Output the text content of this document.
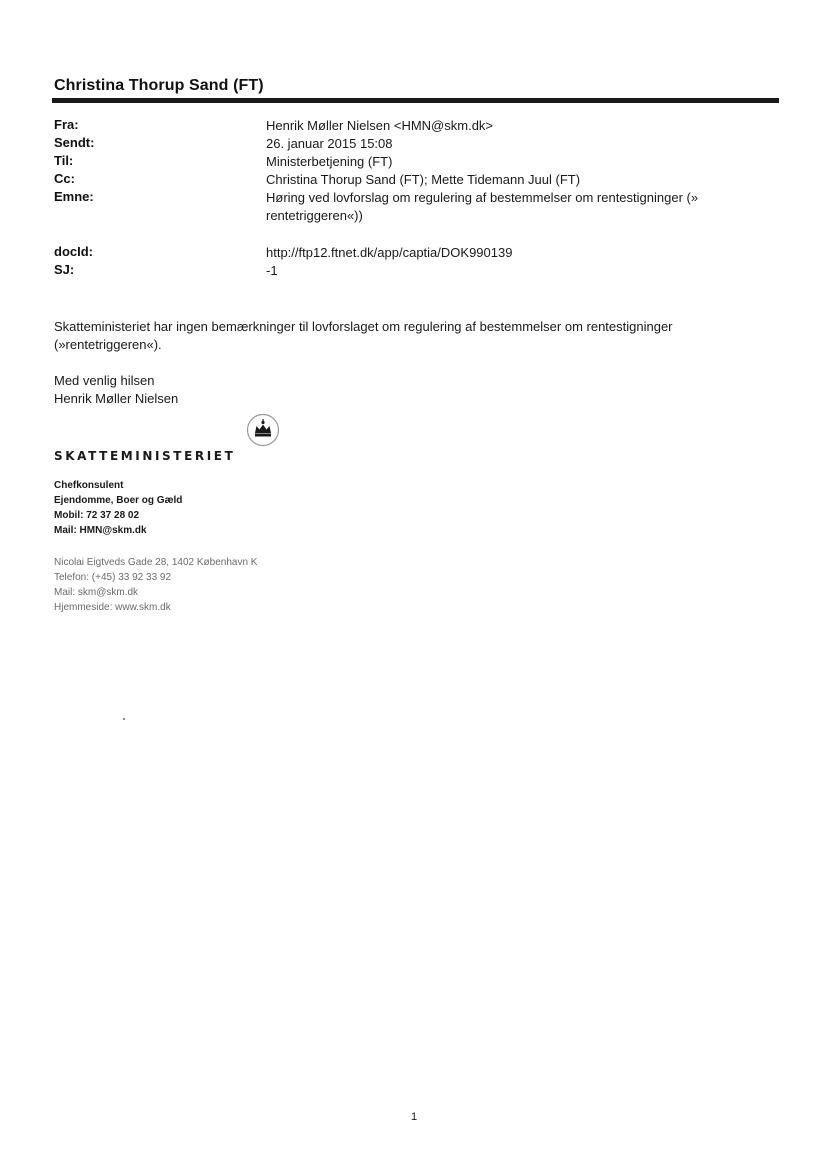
Christina Thorup Sand (FT)
Fra:	Henrik Møller Nielsen <HMN@skm.dk>
Sendt:	26. januar 2015 15:08
Til:	Ministerbetjening (FT)
Cc:	Christina Thorup Sand (FT); Mette Tidemann Juul (FT)
Emne:	Høring ved lovforslag om regulering af bestemmelser om rentestigninger (» rentetriggeren«))
docId:	http://ftp12.ftnet.dk/app/captia/DOK990139
SJ:	-1
Skatteministeriet har ingen bemærkninger til lovforslaget om regulering af bestemmelser om rentestigninger (»rentetriggeren«).
Med venlig hilsen
Henrik Møller Nielsen
SKATTEMINISTERIET
Chefkonsulent
Ejendomme, Boer og Gæld
Mobil: 72 37 28 02
Mail: HMN@skm.dk
Nicolai Eigtveds Gade 28, 1402 København K
Telefon: (+45) 33 92 33 92
Mail: skm@skm.dk
Hjemmeside: www.skm.dk
1
